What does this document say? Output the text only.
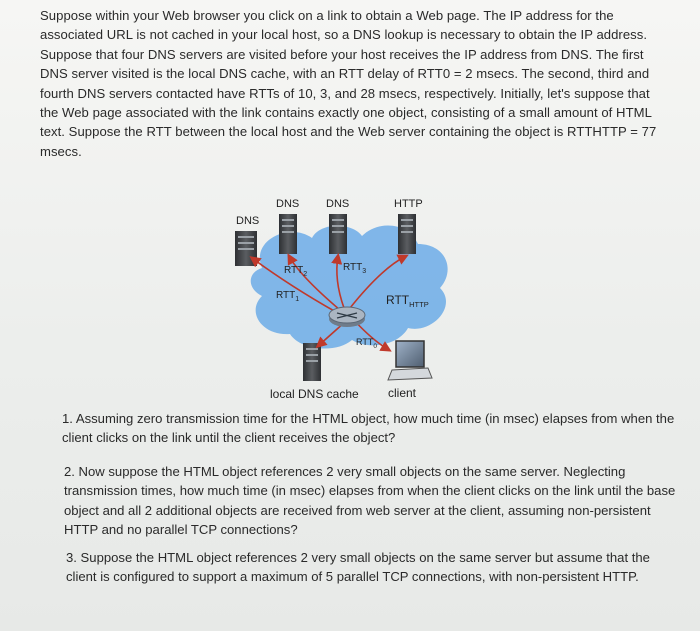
Suppose within your Web browser you click on a link to obtain a Web page. The IP address for the associated URL is not cached in your local host, so a DNS lookup is necessary to obtain the IP address. Suppose that four DNS servers are visited before your host receives the IP address from DNS. The first DNS server visited is the local DNS cache, with an RTT delay of RTT0 = 2 msecs. The second, third and fourth DNS servers contacted have RTTs of 10, 3, and 28 msecs, respectively. Initially, let's suppose that the Web page associated with the link contains exactly one object, consisting of a small amount of HTML text. Suppose the RTT between the local host and the Web server containing the object is RTTHTTP = 77 msecs.
DNS
DNS DNS	HTTP
$RTT_2$
$RTT_3$
$RTT_1$	$RTT_{HTTP}$
$RTT_0$
local DNS cache client
1. Assuming zero transmission time for the HTML object, how much time (in msec) elapses from when the client clicks on the link until the client receives the object?
2. Now suppose the HTML object references 2 very small objects on the same server. Neglecting transmission times, how much time (in msec) elapses from when the client clicks on the link until the base object and all 2 additional objects are received from web server at the client, assuming non-persistent HTTP and no parallel TCP connections?
3. Suppose the HTML object references 2 very small objects on the same server but assume that the client is configured to support a maximum of 5 parallel TCP connections, with non-persistent HTTP.
